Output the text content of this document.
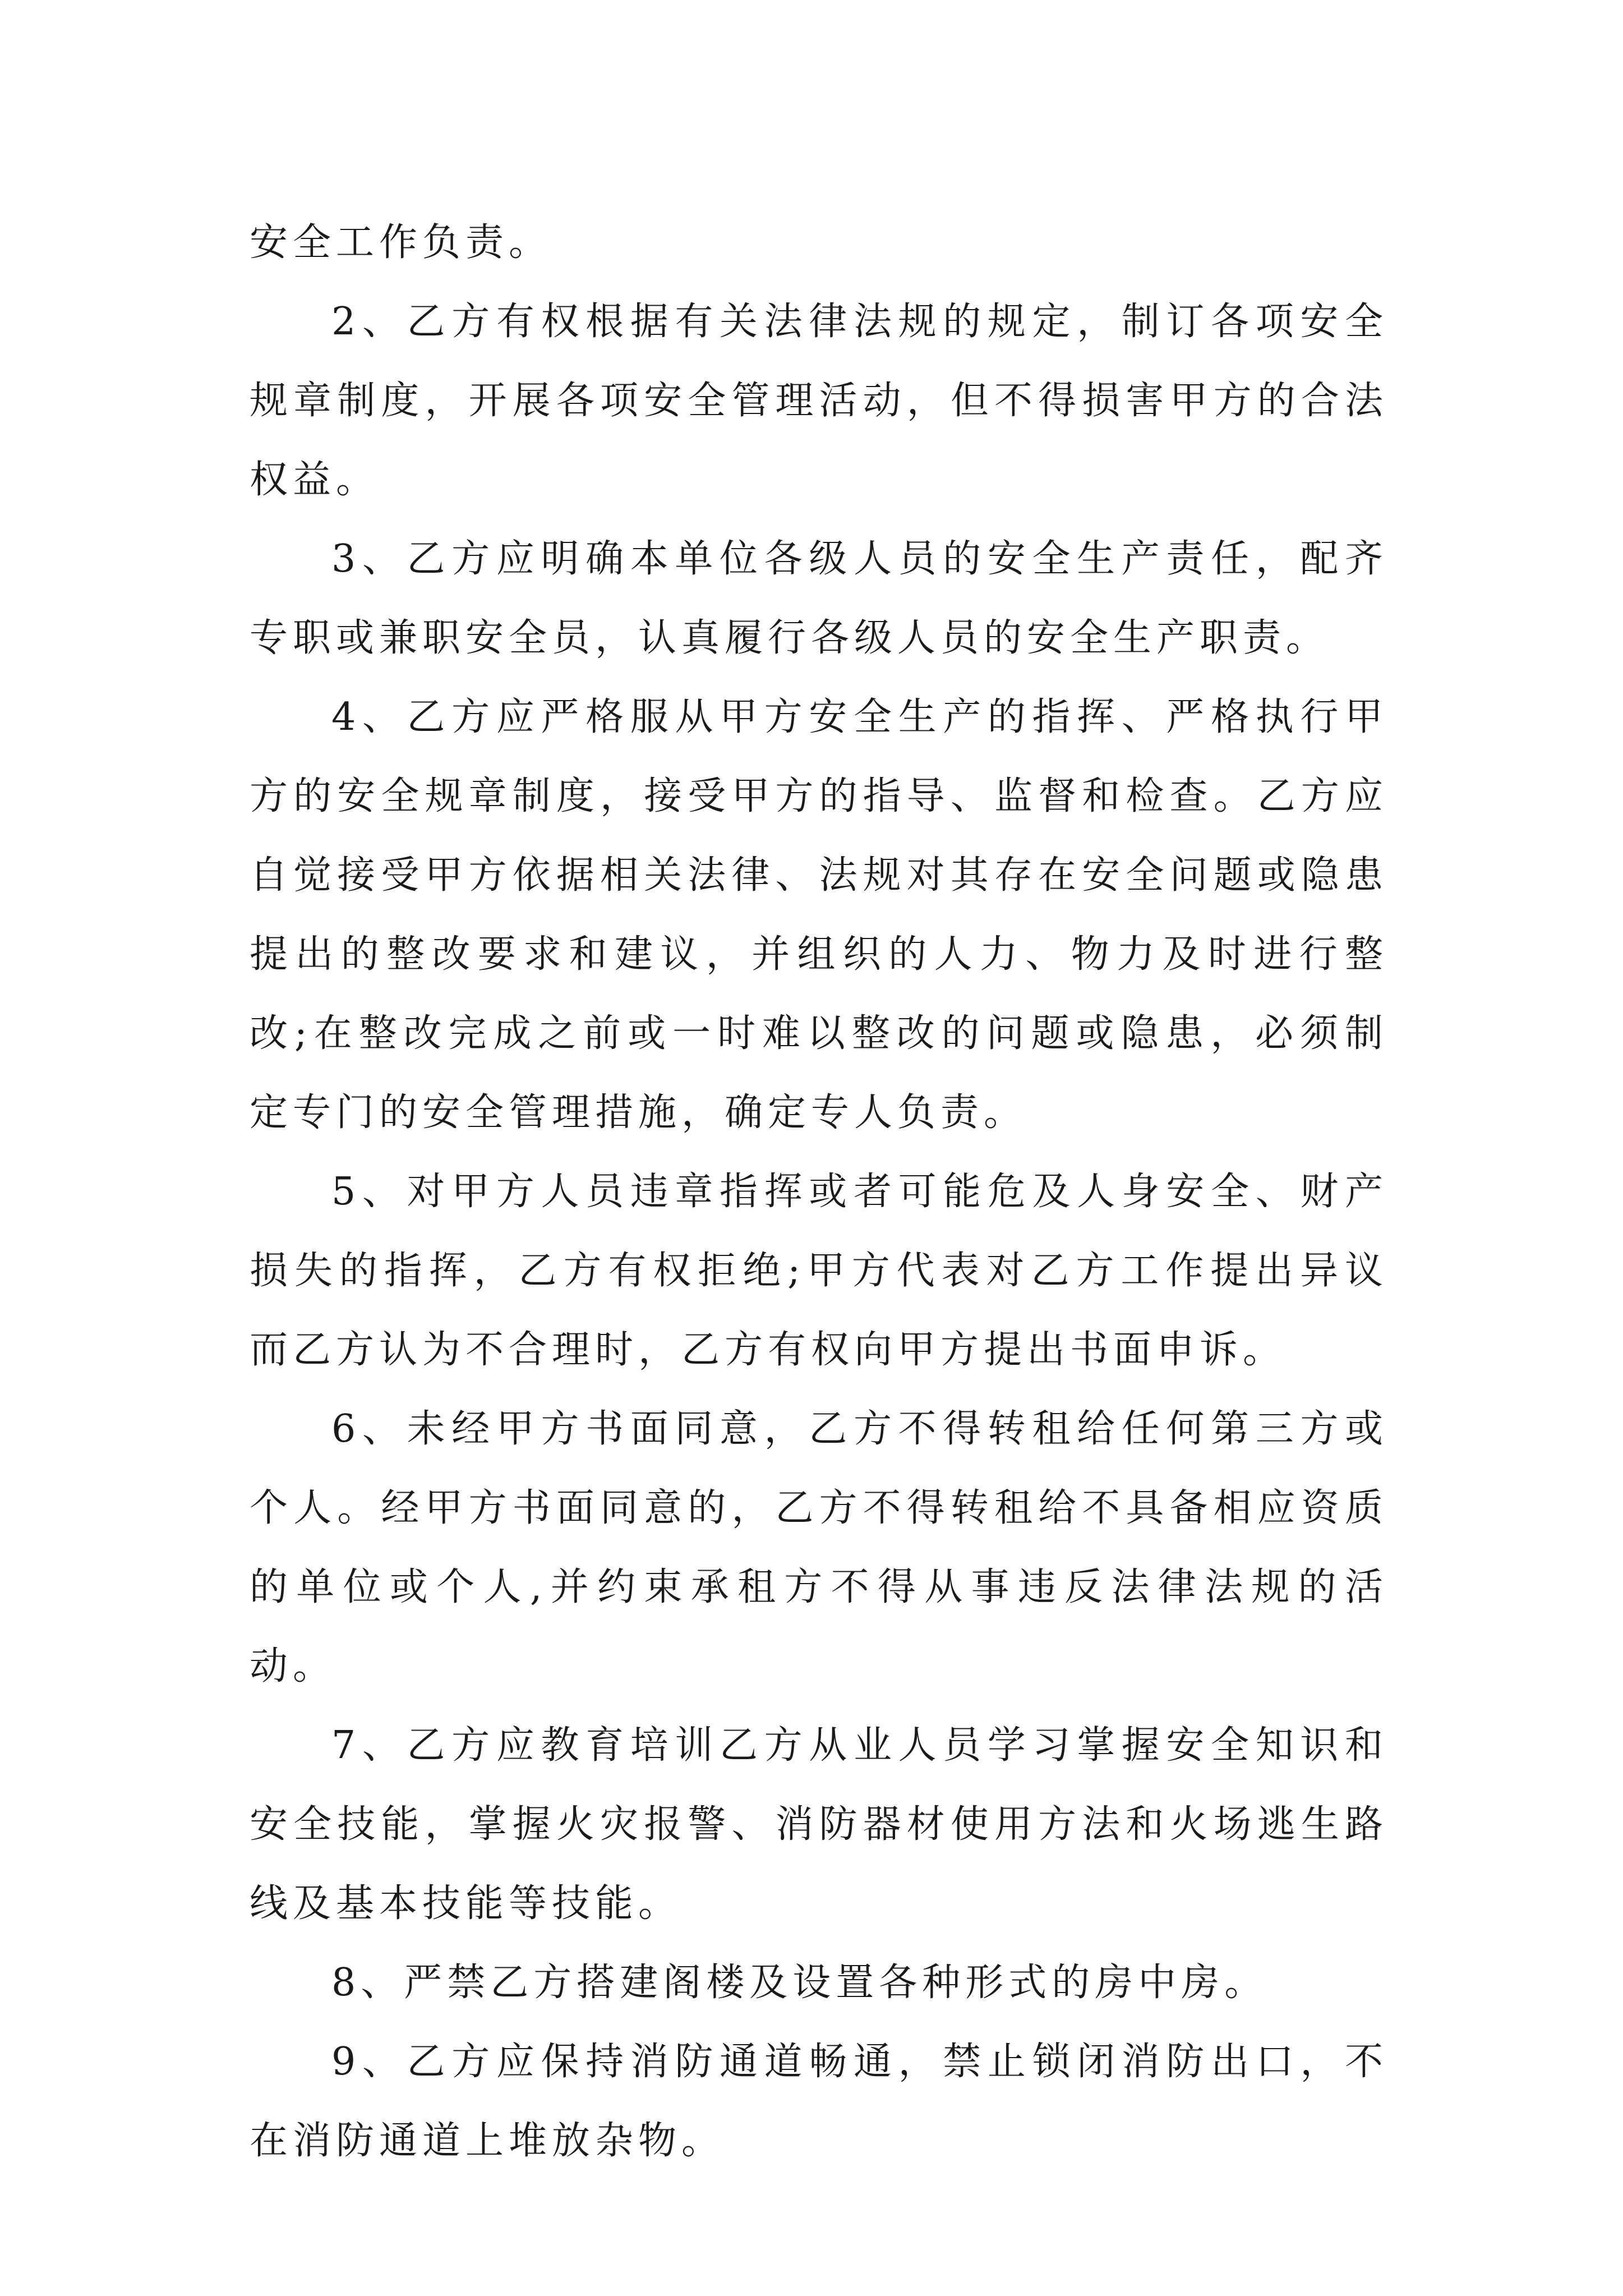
安全工作负责。

2、乙方有权根据有关法律法规的规定，制订各项安全规章制度，开展各项安全管理活动，但不得损害甲方的合法权益。

3、乙方应明确本单位各级人员的安全生产责任，配齐专职或兼职安全员，认真履行各级人员的安全生产职责。

4、乙方应严格服从甲方安全生产的指挥、严格执行甲方的安全规章制度，接受甲方的指导、监督和检查。乙方应自觉接受甲方依据相关法律、法规对其存在安全问题或隐患提出的整改要求和建议，并组织的人力、物力及时进行整改;在整改完成之前或一时难以整改的问题或隐患，必须制定专门的安全管理措施，确定专人负责。

5、对甲方人员违章指挥或者可能危及人身安全、财产损失的指挥，乙方有权拒绝;甲方代表对乙方工作提出异议而乙方认为不合理时，乙方有权向甲方提出书面申诉。

6、未经甲方书面同意，乙方不得转租给任何第三方或个人。经甲方书面同意的，乙方不得转租给不具备相应资质的单位或个人,并约束承租方不得从事违反法律法规的活动。

7、乙方应教育培训乙方从业人员学习掌握安全知识和安全技能，掌握火灾报警、消防器材使用方法和火场逃生路线及基本技能等技能。

8、严禁乙方搭建阁楼及设置各种形式的房中房。

9、乙方应保持消防通道畅通，禁止锁闭消防出口，不在消防通道上堆放杂物。
